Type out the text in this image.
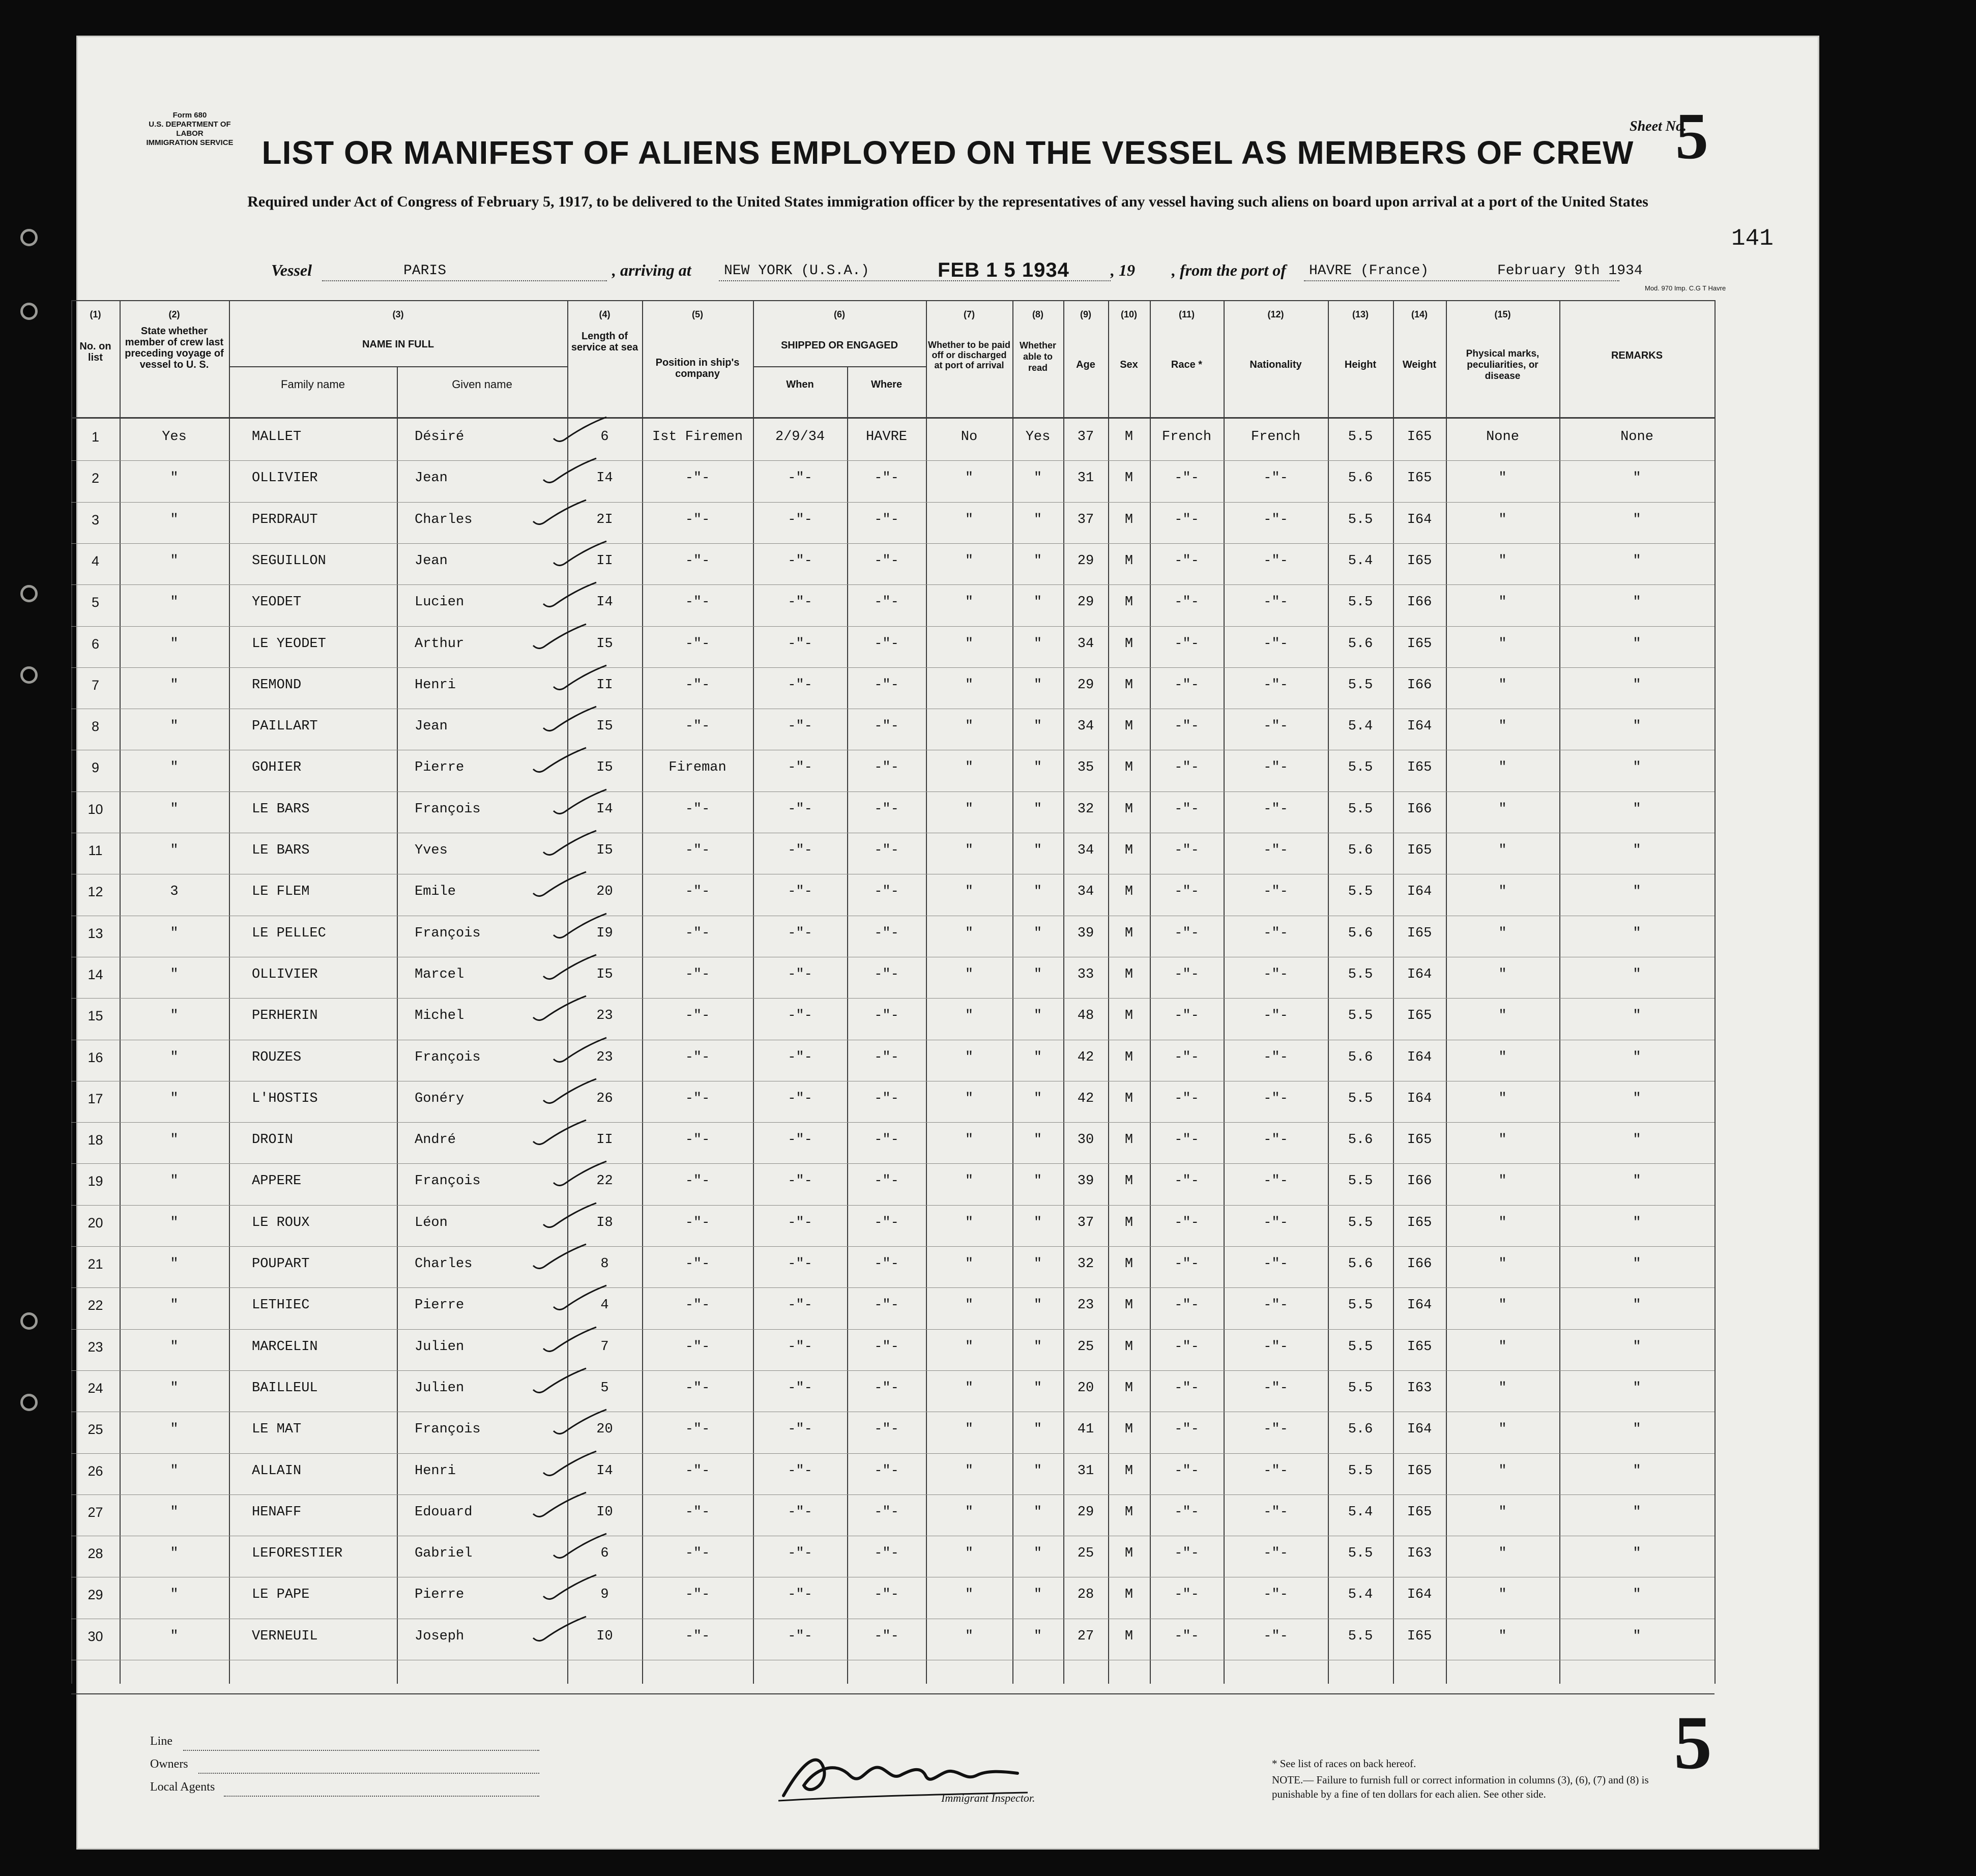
Form 680
U.S. DEPARTMENT OF LABOR
IMMIGRATION SERVICE
Sheet No.
5
LIST OR MANIFEST OF ALIENS EMPLOYED ON THE VESSEL AS MEMBERS OF CREW
Required under Act of Congress of February 5, 1917, to be delivered to the United States immigration officer by the representatives of any vessel having such aliens on board upon arrival at a port of the United States
141
Vessel	PARIS	, arriving at NEW YORK (U.S.A.)	FEB 1 5 1934	, 19 , from the port of HAVRE (France)	February 9th 1934
Mod. 970 Imp. C.G T Havre
(1)	(2)	(3)	(4)	(5)	(6)	(7)	(8)	(9)	(10)	(11)	(12)	(13)	(14)	(15)
No. on list
State whether member of crew last preceding voyage of vessel to U. S.
NAME IN FULL
Family name	Given name
Length of service at sea
Position in ship's company
SHIPPED OR ENGAGED
When	Where
Whether to be paid off or discharged at port of arrival
Whether able to read	Age	Sex	Race *	Nationality	Height	Weight
Physical marks, peculiarities, or disease
REMARKS
1	Yes	MALLET	Désiré	6	Ist Firemen	2/9/34	HAVRE	No	Yes	37	M	French	French	5.5	I65	None	None
2	"	OLLIVIER	Jean	I4	-"-	-"-	-"-	"	"	31	M	-"-	-"-	5.6	I65	"	"
3	"	PERDRAUT	Charles	2I	-"-	-"-	-"-	"	"	37	M	-"-	-"-	5.5	I64	"	"
4	"	SEGUILLON	Jean	II	-"-	-"-	-"-	"	"	29	M	-"-	-"-	5.4	I65	"	"
5	"	YEODET	Lucien	I4	-"-	-"-	-"-	"	"	29	M	-"-	-"-	5.5	I66	"	"
6	"	LE YEODET	Arthur	I5	-"-	-"-	-"-	"	"	34	M	-"-	-"-	5.6	I65	"	"
7	"	REMOND	Henri	II	-"-	-"-	-"-	"	"	29	M	-"-	-"-	5.5	I66	"	"
8	"	PAILLART	Jean	I5	-"-	-"-	-"-	"	"	34	M	-"-	-"-	5.4	I64	"	"
9	"	GOHIER	Pierre	I5	Fireman	-"-	-"-	"	"	35	M	-"-	-"-	5.5	I65	"	"
10	"	LE BARS	François	I4	-"-	-"-	-"-	"	"	32	M	-"-	-"-	5.5	I66	"	"
11	"	LE BARS	Yves	I5	-"-	-"-	-"-	"	"	34	M	-"-	-"-	5.6	I65	"	"
12	3	LE FLEM	Emile	20	-"-	-"-	-"-	"	"	34	M	-"-	-"-	5.5	I64	"	"
13	"	LE PELLEC	François	I9	-"-	-"-	-"-	"	"	39	M	-"-	-"-	5.6	I65	"	"
14	"	OLLIVIER	Marcel	I5	-"-	-"-	-"-	"	"	33	M	-"-	-"-	5.5	I64	"	"
15	"	PERHERIN	Michel	23	-"-	-"-	-"-	"	"	48	M	-"-	-"-	5.5	I65	"	"
16	"	ROUZES	François	23	-"-	-"-	-"-	"	"	42	M	-"-	-"-	5.6	I64	"	"
17	"	L'HOSTIS	Gonéry	26	-"-	-"-	-"-	"	"	42	M	-"-	-"-	5.5	I64	"	"
18	"	DROIN	André	II	-"-	-"-	-"-	"	"	30	M	-"-	-"-	5.6	I65	"	"
19	"	APPERE	François	22	-"-	-"-	-"-	"	"	39	M	-"-	-"-	5.5	I66	"	"
20	"	LE ROUX	Léon	I8	-"-	-"-	-"-	"	"	37	M	-"-	-"-	5.5	I65	"	"
21	"	POUPART	Charles	8	-"-	-"-	-"-	"	"	32	M	-"-	-"-	5.6	I66	"	"
22	"	LETHIEC	Pierre	4	-"-	-"-	-"-	"	"	23	M	-"-	-"-	5.5	I64	"	"
23	"	MARCELIN	Julien	7	-"-	-"-	-"-	"	"	25	M	-"-	-"-	5.5	I65	"	"
24	"	BAILLEUL	Julien	5	-"-	-"-	-"-	"	"	20	M	-"-	-"-	5.5	I63	"	"
25	"	LE MAT	François	20	-"-	-"-	-"-	"	"	41	M	-"-	-"-	5.6	I64	"	"
26	"	ALLAIN	Henri	I4	-"-	-"-	-"-	"	"	31	M	-"-	-"-	5.5	I65	"	"
27	"	HENAFF	Edouard	I0	-"-	-"-	-"-	"	"	29	M	-"-	-"-	5.4	I65	"	"
28	"	LEFORESTIER	Gabriel	6	-"-	-"-	-"-	"	"	25	M	-"-	-"-	5.5	I63	"	"
29	"	LE PAPE	Pierre	9	-"-	-"-	-"-	"	"	28	M	-"-	-"-	5.4	I64	"	"
30	"	VERNEUIL	Joseph	I0	-"-	-"-	-"-	"	"	27	M	-"-	-"-	5.5	I65	"	"
Line
Owners
Local Agents
Immigrant Inspector.
* See list of races on back hereof.
NOTE.— Failure to furnish full or correct information in columns (3), (6), (7) and (8) is punishable by a fine of ten dollars for each alien. See other side.
5
